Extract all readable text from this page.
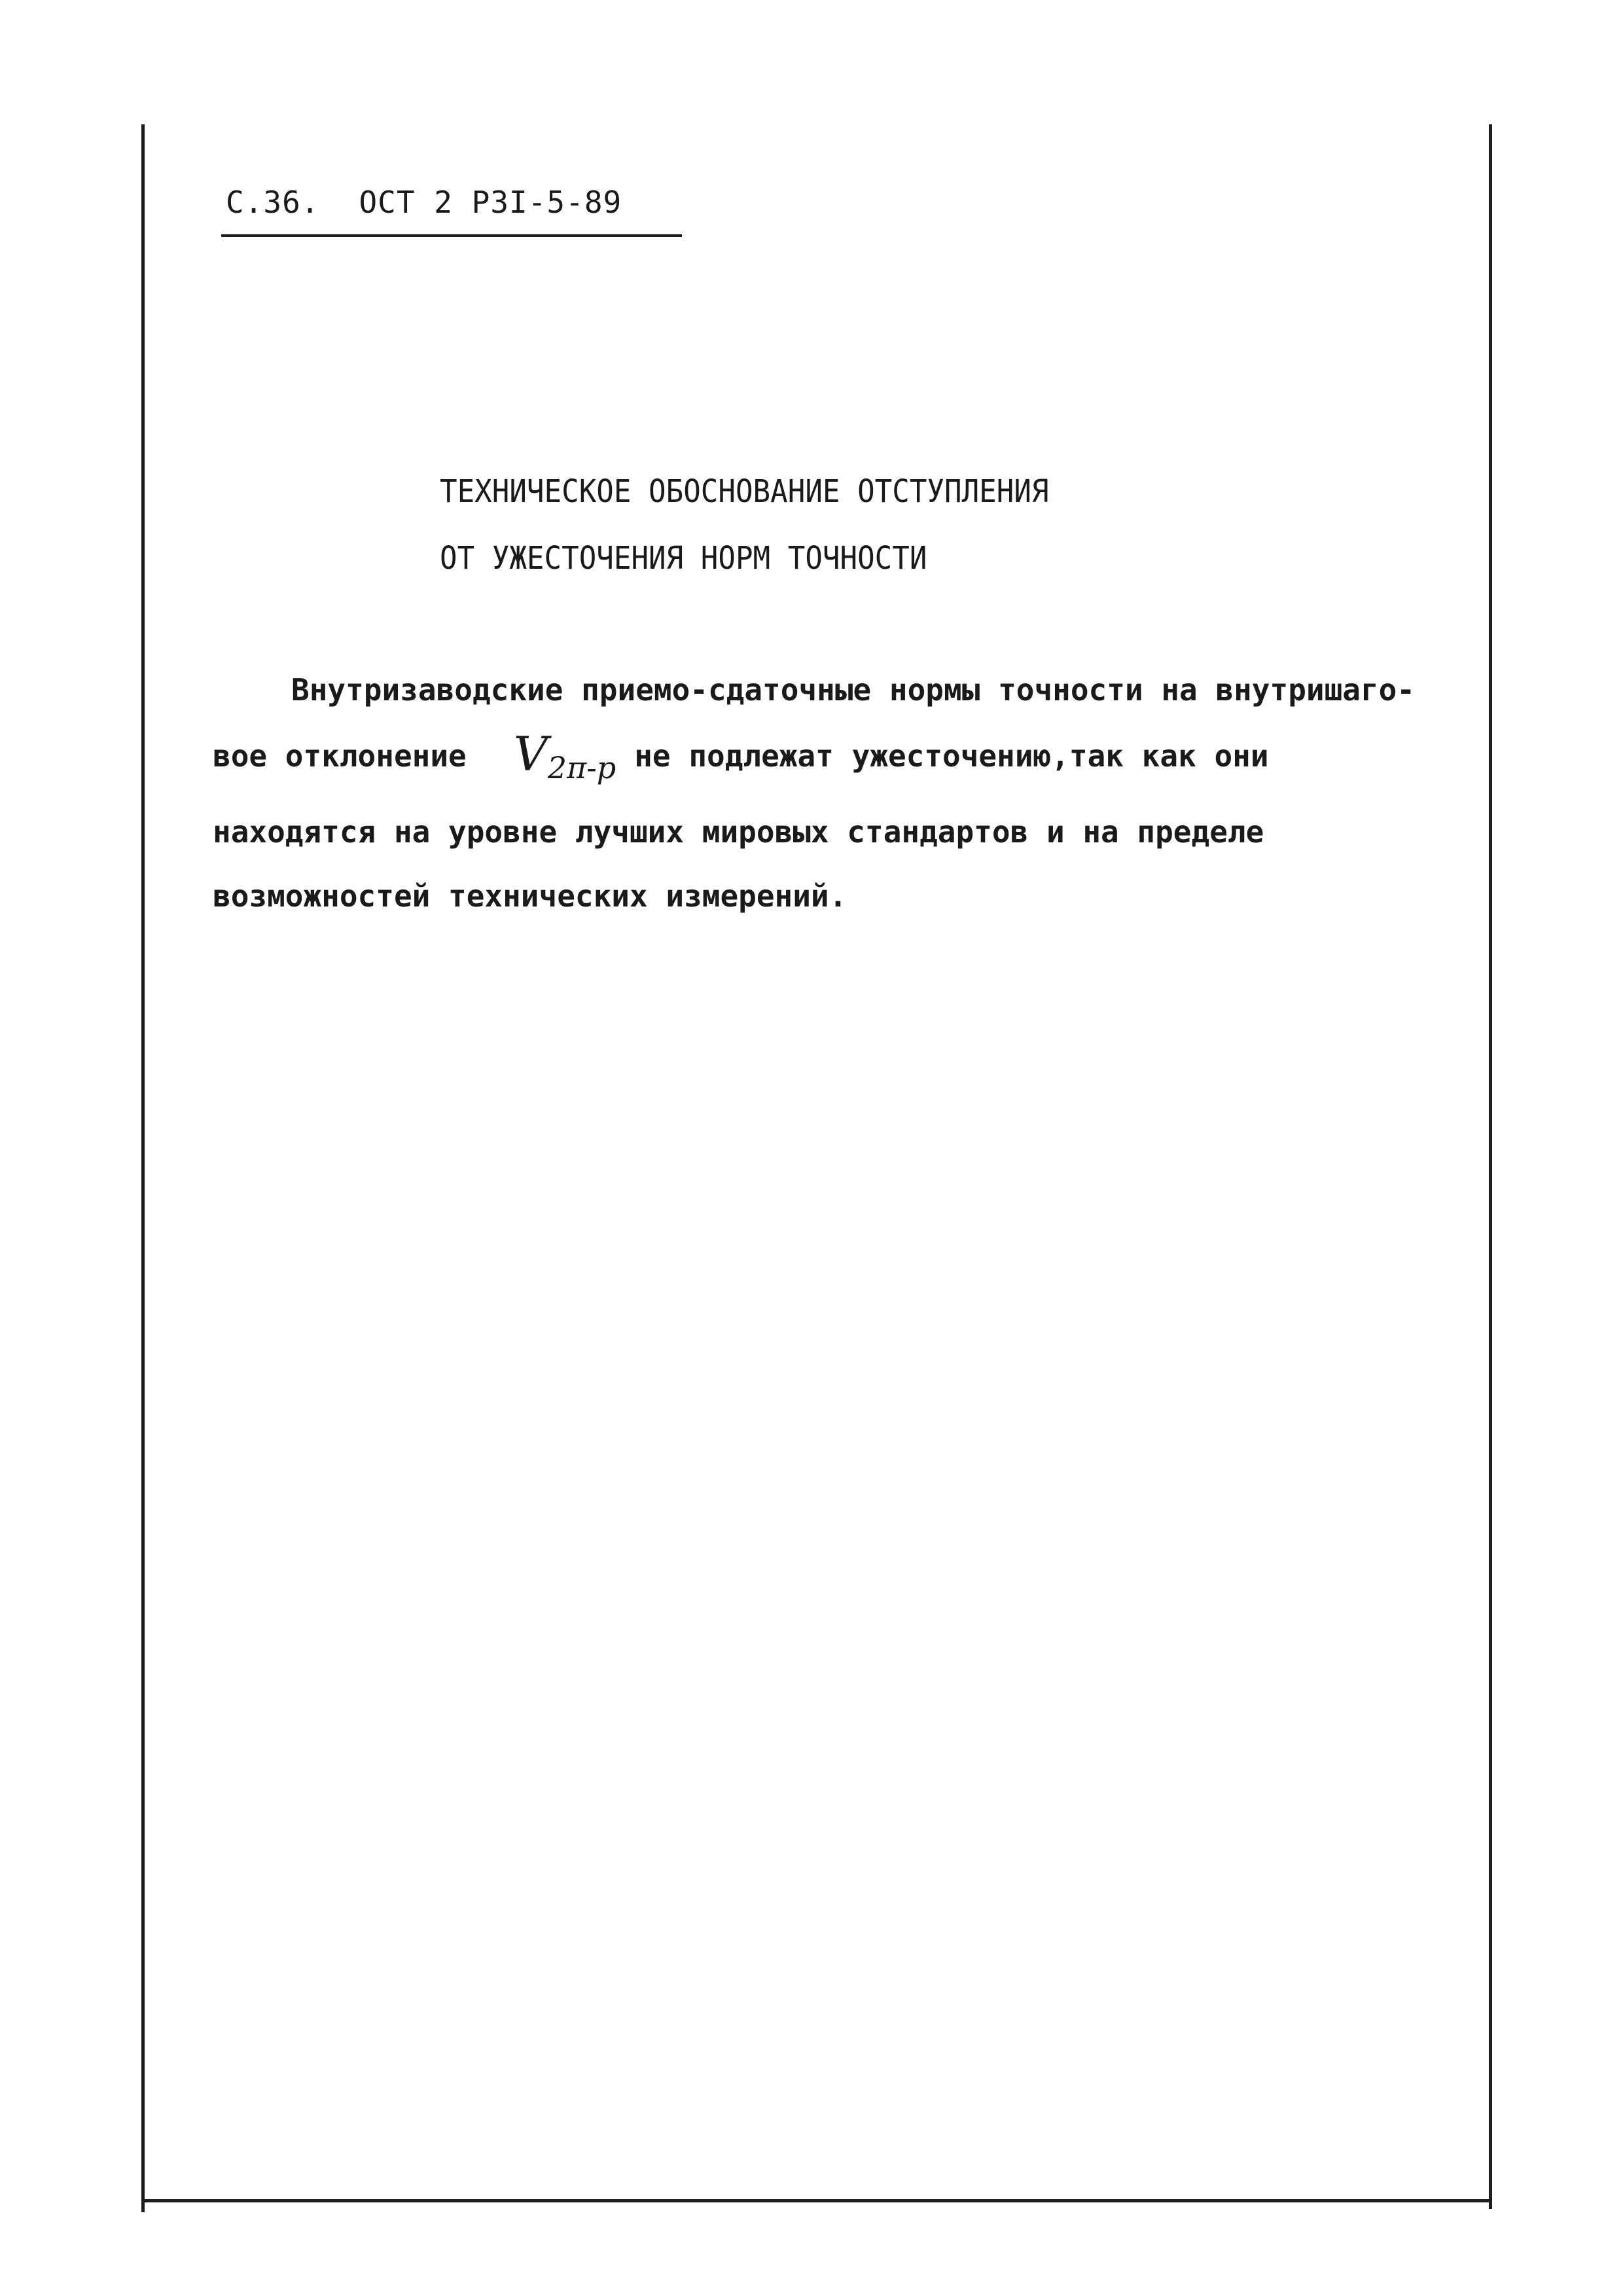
С.36. ОСТ 2 РЗI-5-89
ТЕХНИЧЕСКОЕ ОБОСНОВАНИЕ ОТСТУПЛЕНИЯ
ОТ УЖЕСТОЧЕНИЯ НОРМ ТОЧНОСТИ
Внутризаводские приемо-сдаточные нормы точности на внутришаго-
вое отклонение $V_{2\pi-p}$ не подлежат ужесточению,так как они
находятся на уровне лучших мировых стандартов и на пределе
возможностей технических измерений.
